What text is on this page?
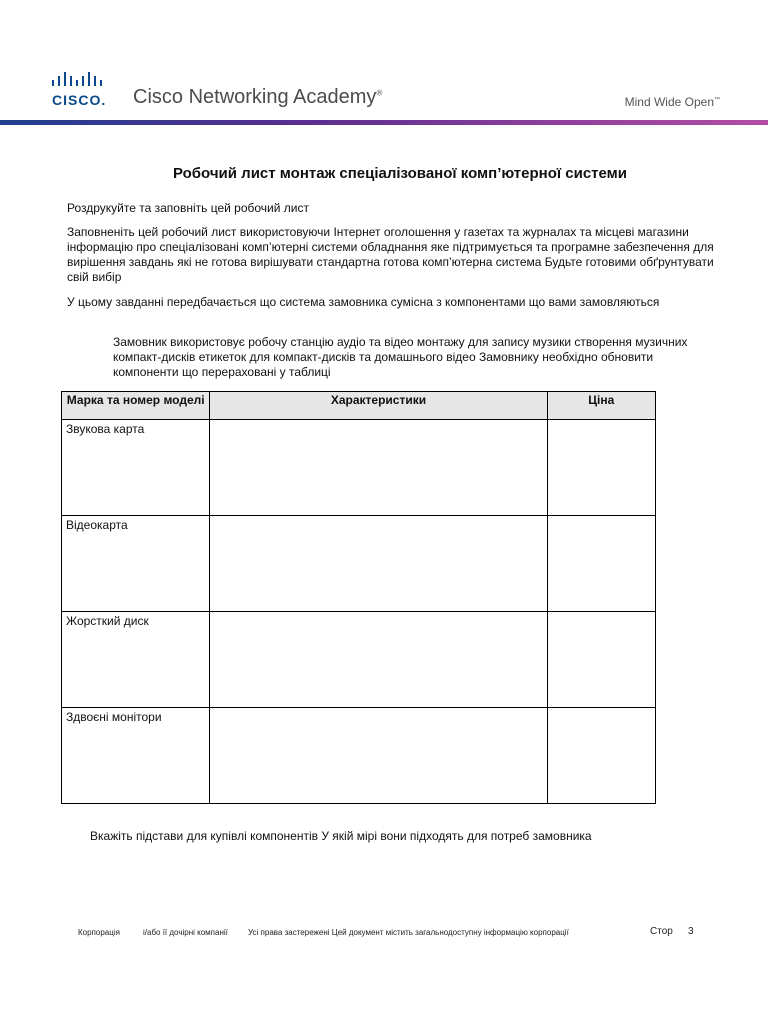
CISCO. Cisco Networking Academy®
Mind Wide Open™
Робочий лист монтаж спеціалізованої комп’ютерної системи
Роздрукуйте та заповніть цей робочий лист
Заповненіть цей робочий лист використовуючи Інтернет оголошення у газетах та журналах та місцеві магазини інформацію про спеціалізовані комп’ютерні системи обладнання яке підтримується та програмне забезпечення для вирішення завдань які не готова вирішувати стандартна готова комп’ютерна система Будьте готовими обґрунтувати свій вибір
У цьому завданні передбачається що система замовника сумісна з компонентами що вами замовляються
Замовник використовує робочу станцію аудіо та відео монтажу для запису музики створення музичних компакт-дисків етикеток для компакт-дисків та домашнього відео Замовнику необхідно обновити компоненти що перераховані у таблиці
Марка та номер моделі	Характеристики	Ціна
Звукова карта		
Відеокарта		
Жорсткий диск		
Здвоєні монітори		
Вкажіть підстави для купівлі компонентів У якій мірі вони підходять для потреб замовника
Корпорація	і/або її дочірні компанії	Усі права застережені Цей документ містить загальнодоступну інформацію корпорації	Стор 3
